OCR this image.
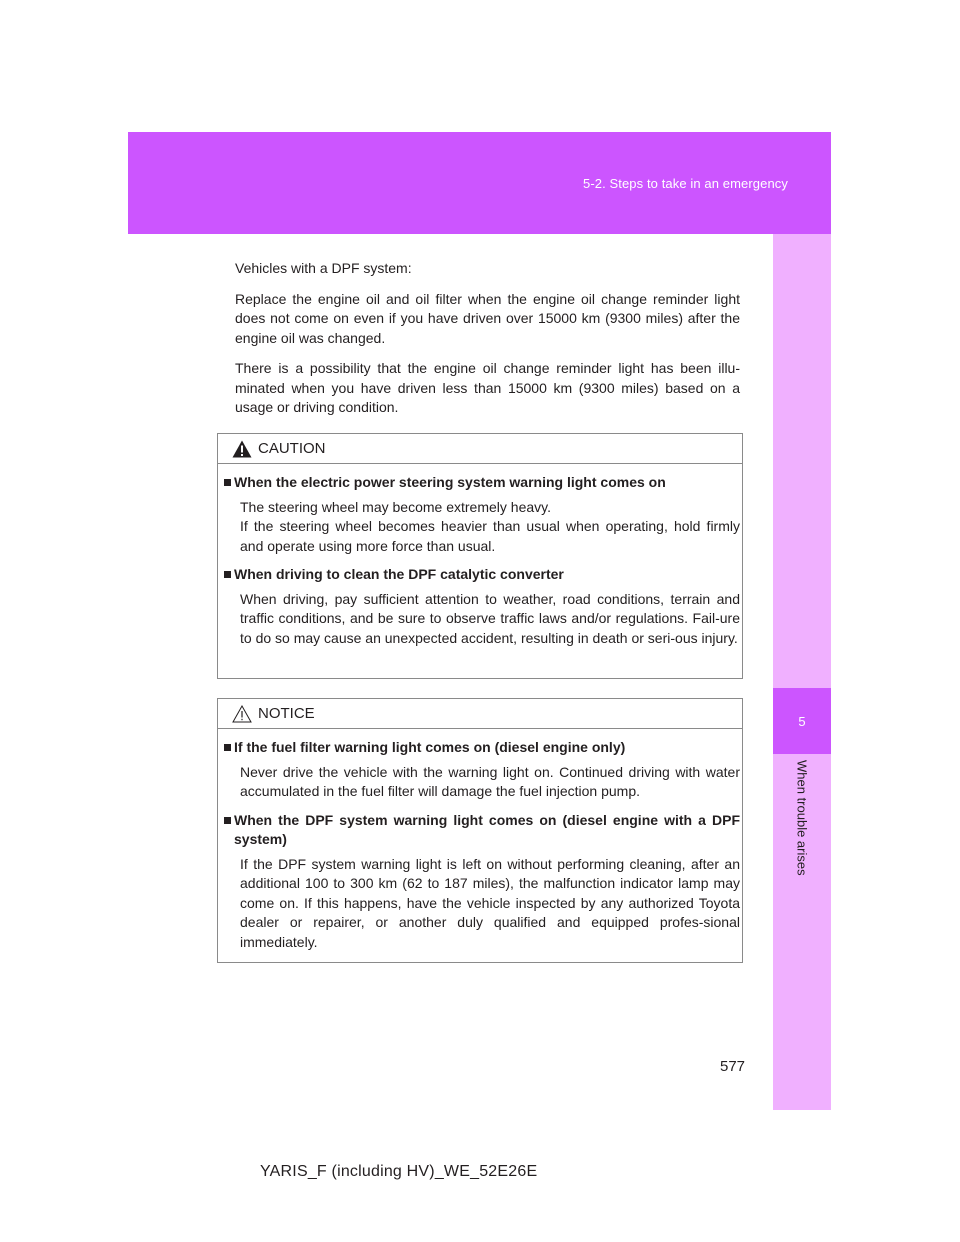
5-2. Steps to take in an emergency
5
When trouble arises

Vehicles with a DPF system:

Replace the engine oil and oil filter when the engine oil change reminder light does not come on even if you have driven over 15000 km (9300 miles) after the engine oil was changed.

There is a possibility that the engine oil change reminder light has been illu-minated when you have driven less than 15000 km (9300 miles) based on a usage or driving condition.

CAUTION
When the electric power steering system warning light comes on
The steering wheel may become extremely heavy.
If the steering wheel becomes heavier than usual when operating, hold firmly and operate using more force than usual.
When driving to clean the DPF catalytic converter
When driving, pay sufficient attention to weather, road conditions, terrain and traffic conditions, and be sure to observe traffic laws and/or regulations. Fail-ure to do so may cause an unexpected accident, resulting in death or seri-ous injury.
NOTICE
If the fuel filter warning light comes on (diesel engine only)
Never drive the vehicle with the warning light on. Continued driving with water accumulated in the fuel filter will damage the fuel injection pump.
When the DPF system warning light comes on (diesel engine with a DPF system)
If the DPF system warning light is left on without performing cleaning, after an additional 100 to 300 km (62 to 187 miles), the malfunction indicator lamp may come on. If this happens, have the vehicle inspected by any authorized Toyota dealer or repairer, or another duly qualified and equipped profes-sional immediately.
577
YARIS_F (including HV)_WE_52E26E
